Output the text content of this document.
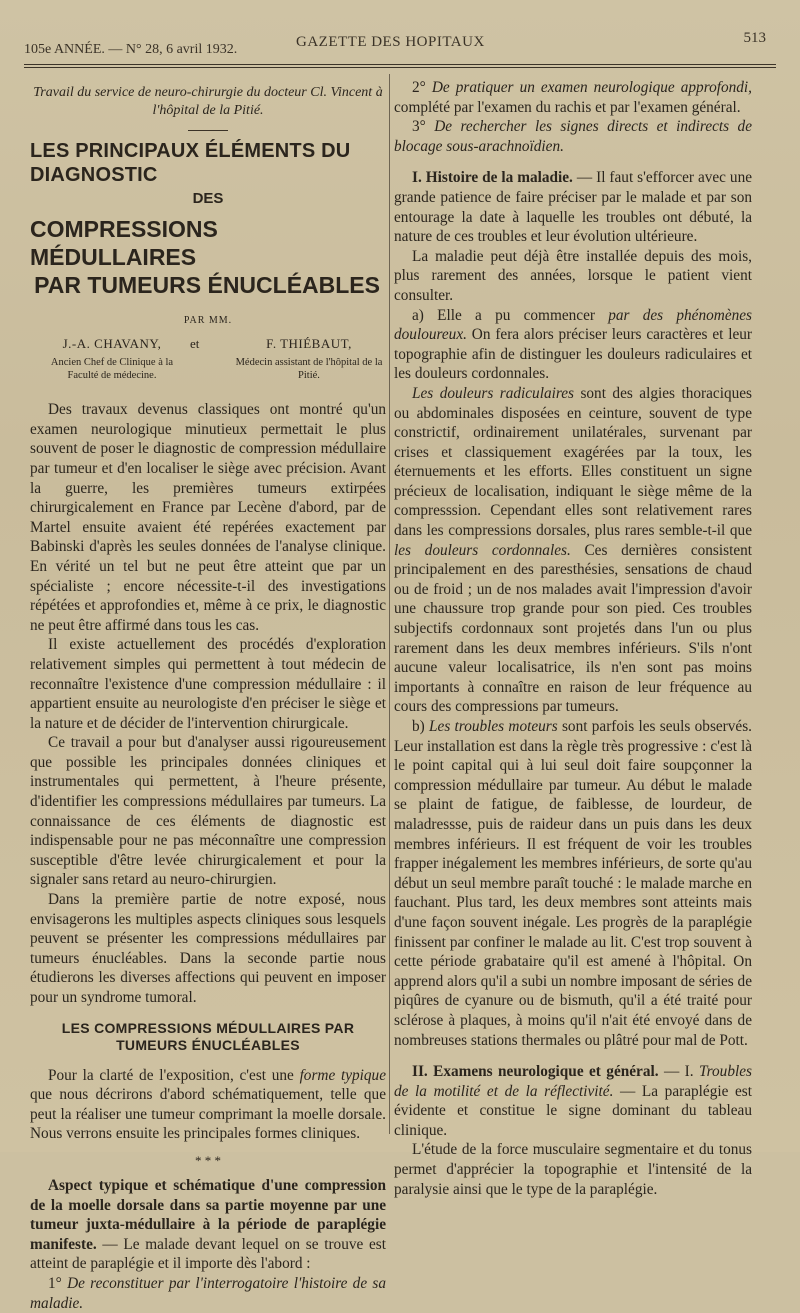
105e ANNÉE. — N° 28, 6 avril 1932.	GAZETTE DES HOPITAUX	513
Travail du service de neuro-chirurgie du docteur Cl. Vincent à l'hôpital de la Pitié.
LES PRINCIPAUX ÉLÉMENTS DU DIAGNOSTIC
DES
COMPRESSIONS MÉDULLAIRES
PAR TUMEURS ÉNUCLÉABLES
PAR MM.
J.-A. CHAVANY,
Ancien Chef de Clinique à la Faculté de médecine.
et	F. THIÉBAUT,
Médecin assistant de l'hôpital de la Pitié.

Des travaux devenus classiques ont montré qu'un examen neurologique minutieux permettait le plus souvent de poser le diagnostic de compression médullaire par tumeur et d'en localiser le siège avec précision. Avant la guerre, les premières tumeurs extirpées chirurgicalement en France par Lecène d'abord, par de Martel ensuite avaient été repérées exactement par Babinski d'après les seules données de l'analyse clinique. En vérité un tel but ne peut être atteint que par un spécialiste ; encore nécessite-t-il des investigations répétées et approfondies et, même à ce prix, le diagnostic ne peut être affirmé dans tous les cas.

Il existe actuellement des procédés d'exploration relativement simples qui permettent à tout médecin de reconnaître l'existence d'une compression médullaire : il appartient ensuite au neurologiste d'en préciser le siège et la nature et de décider de l'intervention chirurgicale.

Ce travail a pour but d'analyser aussi rigoureusement que possible les principales données cliniques et instrumentales qui permettent, à l'heure présente, d'identifier les compressions médullaires par tumeurs. La connaissance de ces éléments de diagnostic est indispensable pour ne pas méconnaître une compression susceptible d'être levée chirurgicalement et pour la signaler sans retard au neuro-chirurgien.

Dans la première partie de notre exposé, nous envisagerons les multiples aspects cliniques sous lesquels peuvent se présenter les compressions médullaires par tumeurs énucléables. Dans la seconde partie nous étudierons les diverses affections qui peuvent en imposer pour un syndrome tumoral.

LES COMPRESSIONS MÉDULLAIRES PAR TUMEURS ÉNUCLÉABLES

Pour la clarté de l'exposition, c'est une forme typique que nous décrirons d'abord schématiquement, telle que peut la réaliser une tumeur comprimant la moelle dorsale. Nous verrons ensuite les principales formes cliniques.

* * *

Aspect typique et schématique d'une compression de la moelle dorsale dans sa partie moyenne par une tumeur juxta-médullaire à la période de paraplégie manifeste. — Le malade devant lequel on se trouve est atteint de paraplégie et il importe dès l'abord :

1° De reconstituer par l'interrogatoire l'histoire de sa maladie.

2° De pratiquer un examen neurologique approfondi, complété par l'examen du rachis et par l'examen général.

3° De rechercher les signes directs et indirects de blocage sous-arachnoïdien.

I. Histoire de la maladie. — Il faut s'efforcer avec une grande patience de faire préciser par le malade et par son entourage la date à laquelle les troubles ont débuté, la nature de ces troubles et leur évolution ultérieure.

La maladie peut déjà être installée depuis des mois, plus rarement des années, lorsque le patient vient consulter.

a) Elle a pu commencer par des phénomènes douloureux. On fera alors préciser leurs caractères et leur topographie afin de distinguer les douleurs radiculaires et les douleurs cordonnales.

Les douleurs radiculaires sont des algies thoraciques ou abdominales disposées en ceinture, souvent de type constrictif, ordinairement unilatérales, survenant par crises et classiquement exagérées par la toux, les éternuements et les efforts. Elles constituent un signe précieux de localisation, indiquant le siège même de la compresssion. Cependant elles sont relativement rares dans les compressions dorsales, plus rares semble-t-il que les douleurs cordonnales. Ces dernières consistent principalement en des paresthésies, sensations de chaud ou de froid ; un de nos malades avait l'impression d'avoir une chaussure trop grande pour son pied. Ces troubles subjectifs cordonnaux sont projetés dans l'un ou plus rarement dans les deux membres inférieurs. S'ils n'ont aucune valeur localisatrice, ils n'en sont pas moins importants à connaître en raison de leur fréquence au cours des compressions par tumeurs.

b) Les troubles moteurs sont parfois les seuls observés. Leur installation est dans la règle très progressive : c'est là le point capital qui à lui seul doit faire soupçonner la compression médullaire par tumeur. Au début le malade se plaint de fatigue, de faiblesse, de lourdeur, de maladressse, puis de raideur dans un puis dans les deux membres inférieurs. Il est fréquent de voir les troubles frapper inégalement les membres inférieurs, de sorte qu'au début un seul membre paraît touché : le malade marche en fauchant. Plus tard, les deux membres sont atteints mais d'une façon souvent inégale. Les progrès de la paraplégie finissent par confiner le malade au lit. C'est trop souvent à cette période grabataire qu'il est amené à l'hôpital. On apprend alors qu'il a subi un nombre imposant de séries de piqûres de cyanure ou de bismuth, qu'il a été traité pour sclérose à plaques, à moins qu'il n'ait été envoyé dans de nombreuses stations thermales ou plâtré pour mal de Pott.

II. Examens neurologique et général. — I. Troubles de la motilité et de la réflectivité. — La paraplégie est évidente et constitue le signe dominant du tableau clinique.

L'étude de la force musculaire segmentaire et du tonus permet d'apprécier la topographie et l'intensité de la paralysie ainsi que le type de la paraplégie.
